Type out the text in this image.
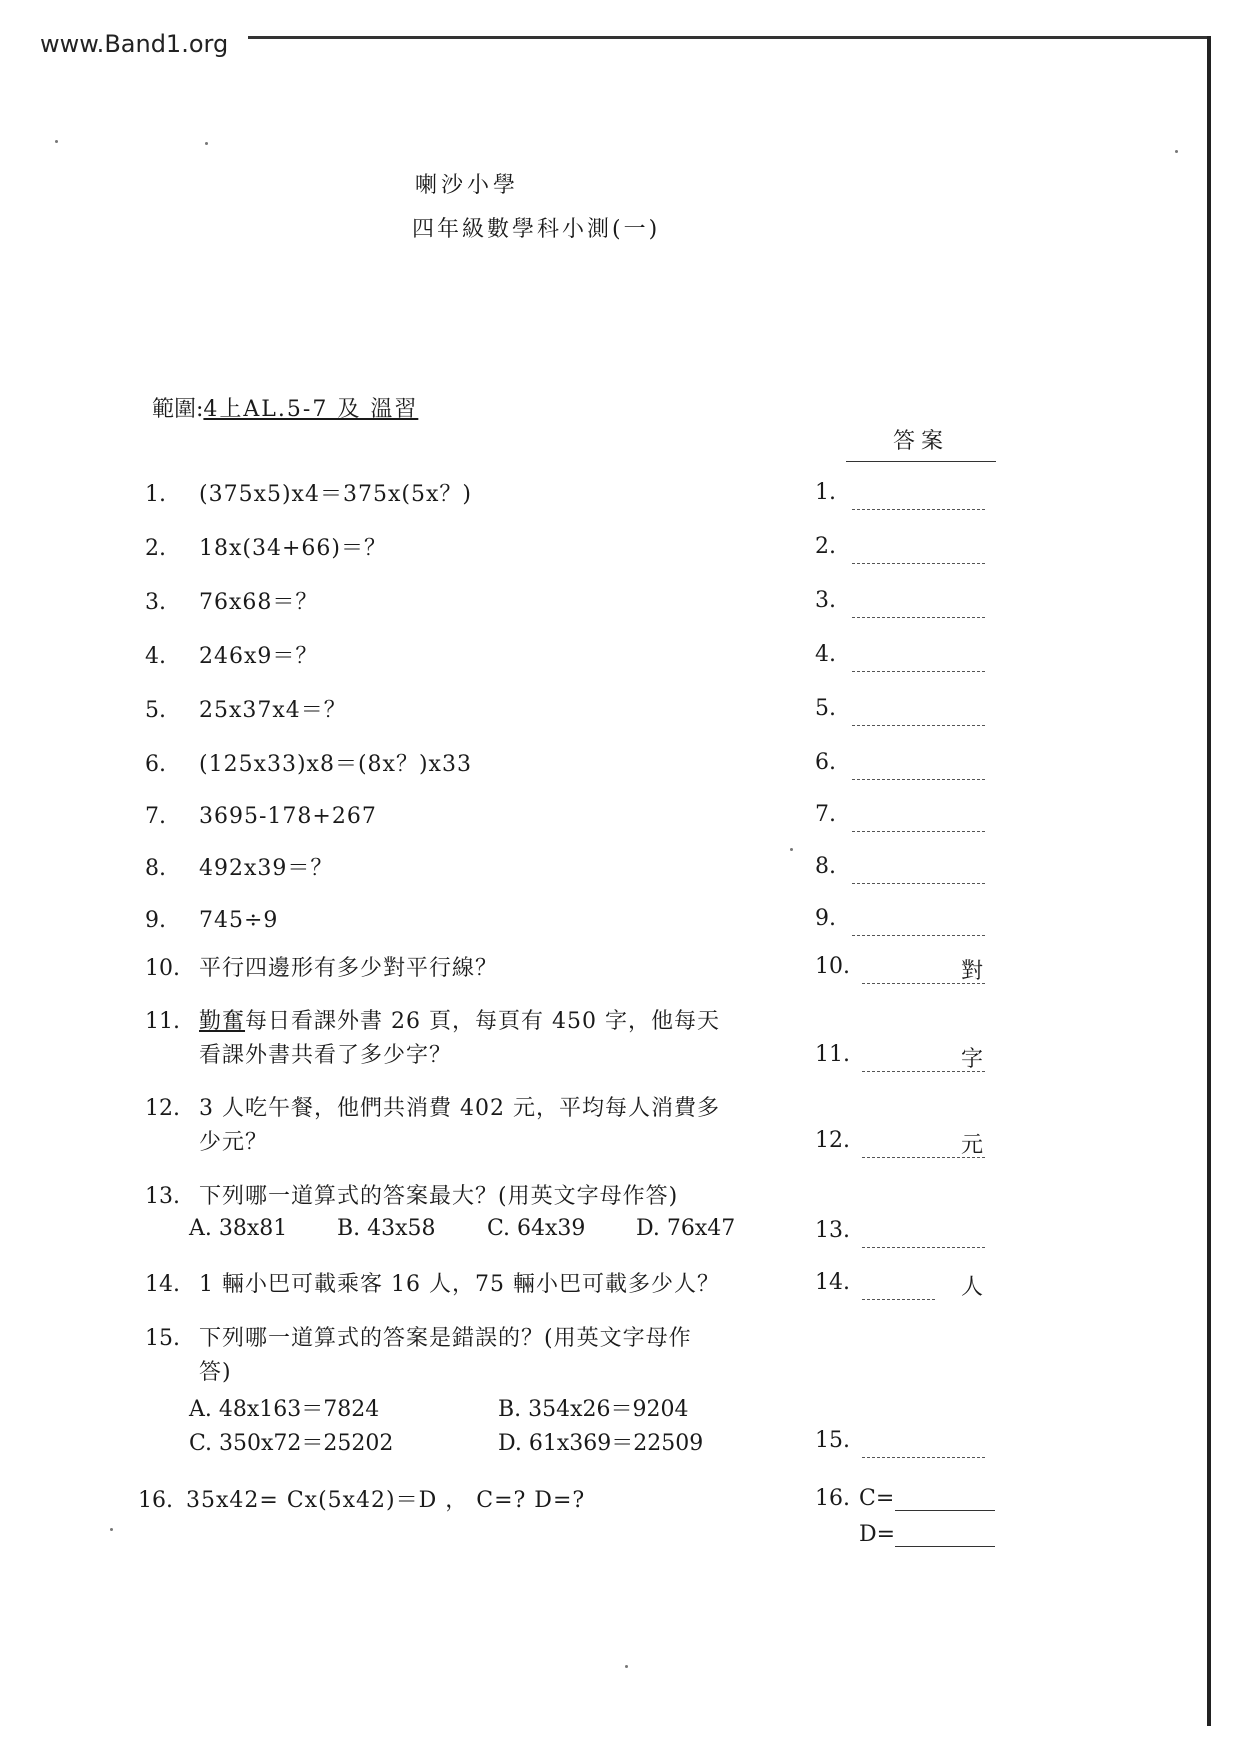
www.Band1.org
喇沙小學
四年級數學科小測(一)
範圍:4上AL.5-7 及 溫習
答案
1. (375x5)x4＝375x(5x？)
2. 18x(34+66)＝？
3. 76x68＝？
4. 246x9＝？
5. 25x37x4＝？
6. (125x33)x8＝(8x？)x33
7. 3695-178+267
8. 492x39＝？
9. 745÷9
10. 平行四邊形有多少對平行線？
11. 勤奮每日看課外書 26 頁，每頁有 450 字，他每天
看課外書共看了多少字？
12. 3 人吃午餐，他們共消費 402 元，平均每人消費多
少元？
13. 下列哪一道算式的答案最大？(用英文字母作答)
A. 38x81 B. 43x58 C. 64x39 D. 76x47
14. 1 輛小巴可載乘客 16 人，75 輛小巴可載多少人？
15. 下列哪一道算式的答案是錯誤的？(用英文字母作
答)
A. 48x163＝7824	B. 354x26＝9204
C. 350x72＝25202	D. 61x369＝22509
16. 35x42= Cx(5x42)＝D ， C=? D=?
1.
2.
3.
4.
5.
6.
7.
8.
9.
10.	對
11.	字
12.	元
13.
14.	人
15.
16. C=
D=
